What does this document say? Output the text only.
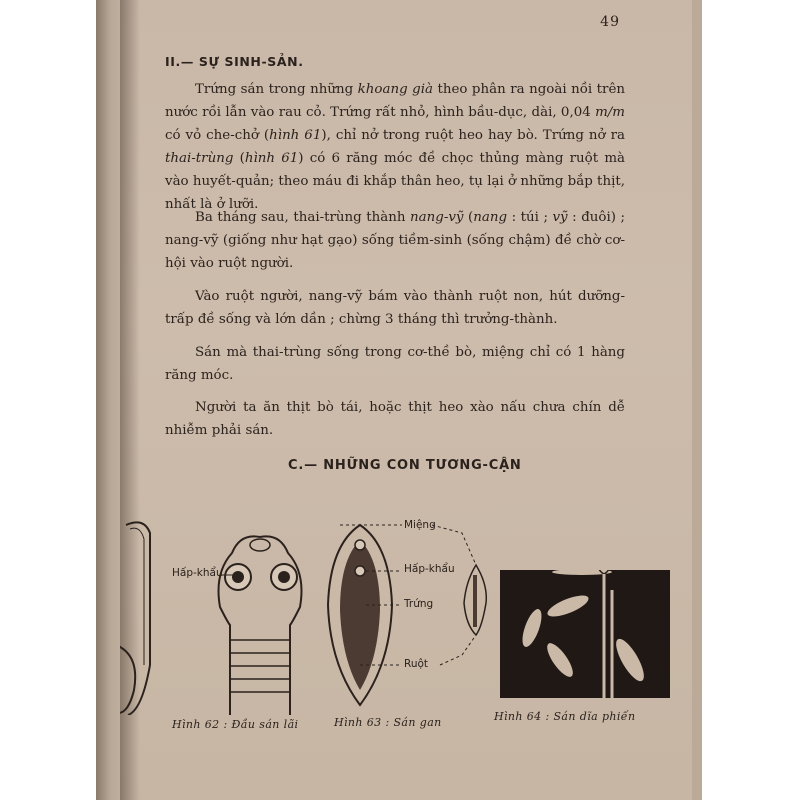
49
II.— SỰ SINH-SẢN.

Trứng sán trong những khoang già theo phân ra ngoài nồi trên nước rồi lẫn vào rau cỏ. Trứng rất nhỏ, hình bầu-dục, dài, 0,04 m/m có vỏ che-chở (hình 61), chỉ nở trong ruột heo hay bò. Trứng nở ra thai-trùng (hình 61) có 6 răng móc đề chọc thủng màng ruột mà vào huyết-quản; theo máu đi khắp thân heo, tụ lại ở những bắp thịt, nhất là ở lưỡi.

Ba tháng sau, thai-trùng thành nang-vỹ (nang : túi ; vỹ : đuôi) ; nang-vỹ (giống như hạt gạo) sống tiềm-sinh (sống chậm) đề chờ cơ-hội vào ruột người.

Vào ruột người, nang-vỹ bám vào thành ruột non, hút dưỡng-trấp đề sống và lớn dần ; chừng 3 tháng thì trưởng-thành.

Sán mà thai-trùng sống trong cơ-thề bò, miệng chỉ có 1 hàng răng móc.

Người ta ăn thịt bò tái, hoặc thịt heo xào nấu chưa chín dễ nhiễm phải sán.

C.— NHỮNG CON TƯƠNG-CẬN
Hấp-khẩu
Miệng
Hấp-khẩu
Trứng
Ruột
Hình 62 : Đầu sán lãi	Hình 63 : Sán gan	Hình 64 : Sán dĩa phiến
